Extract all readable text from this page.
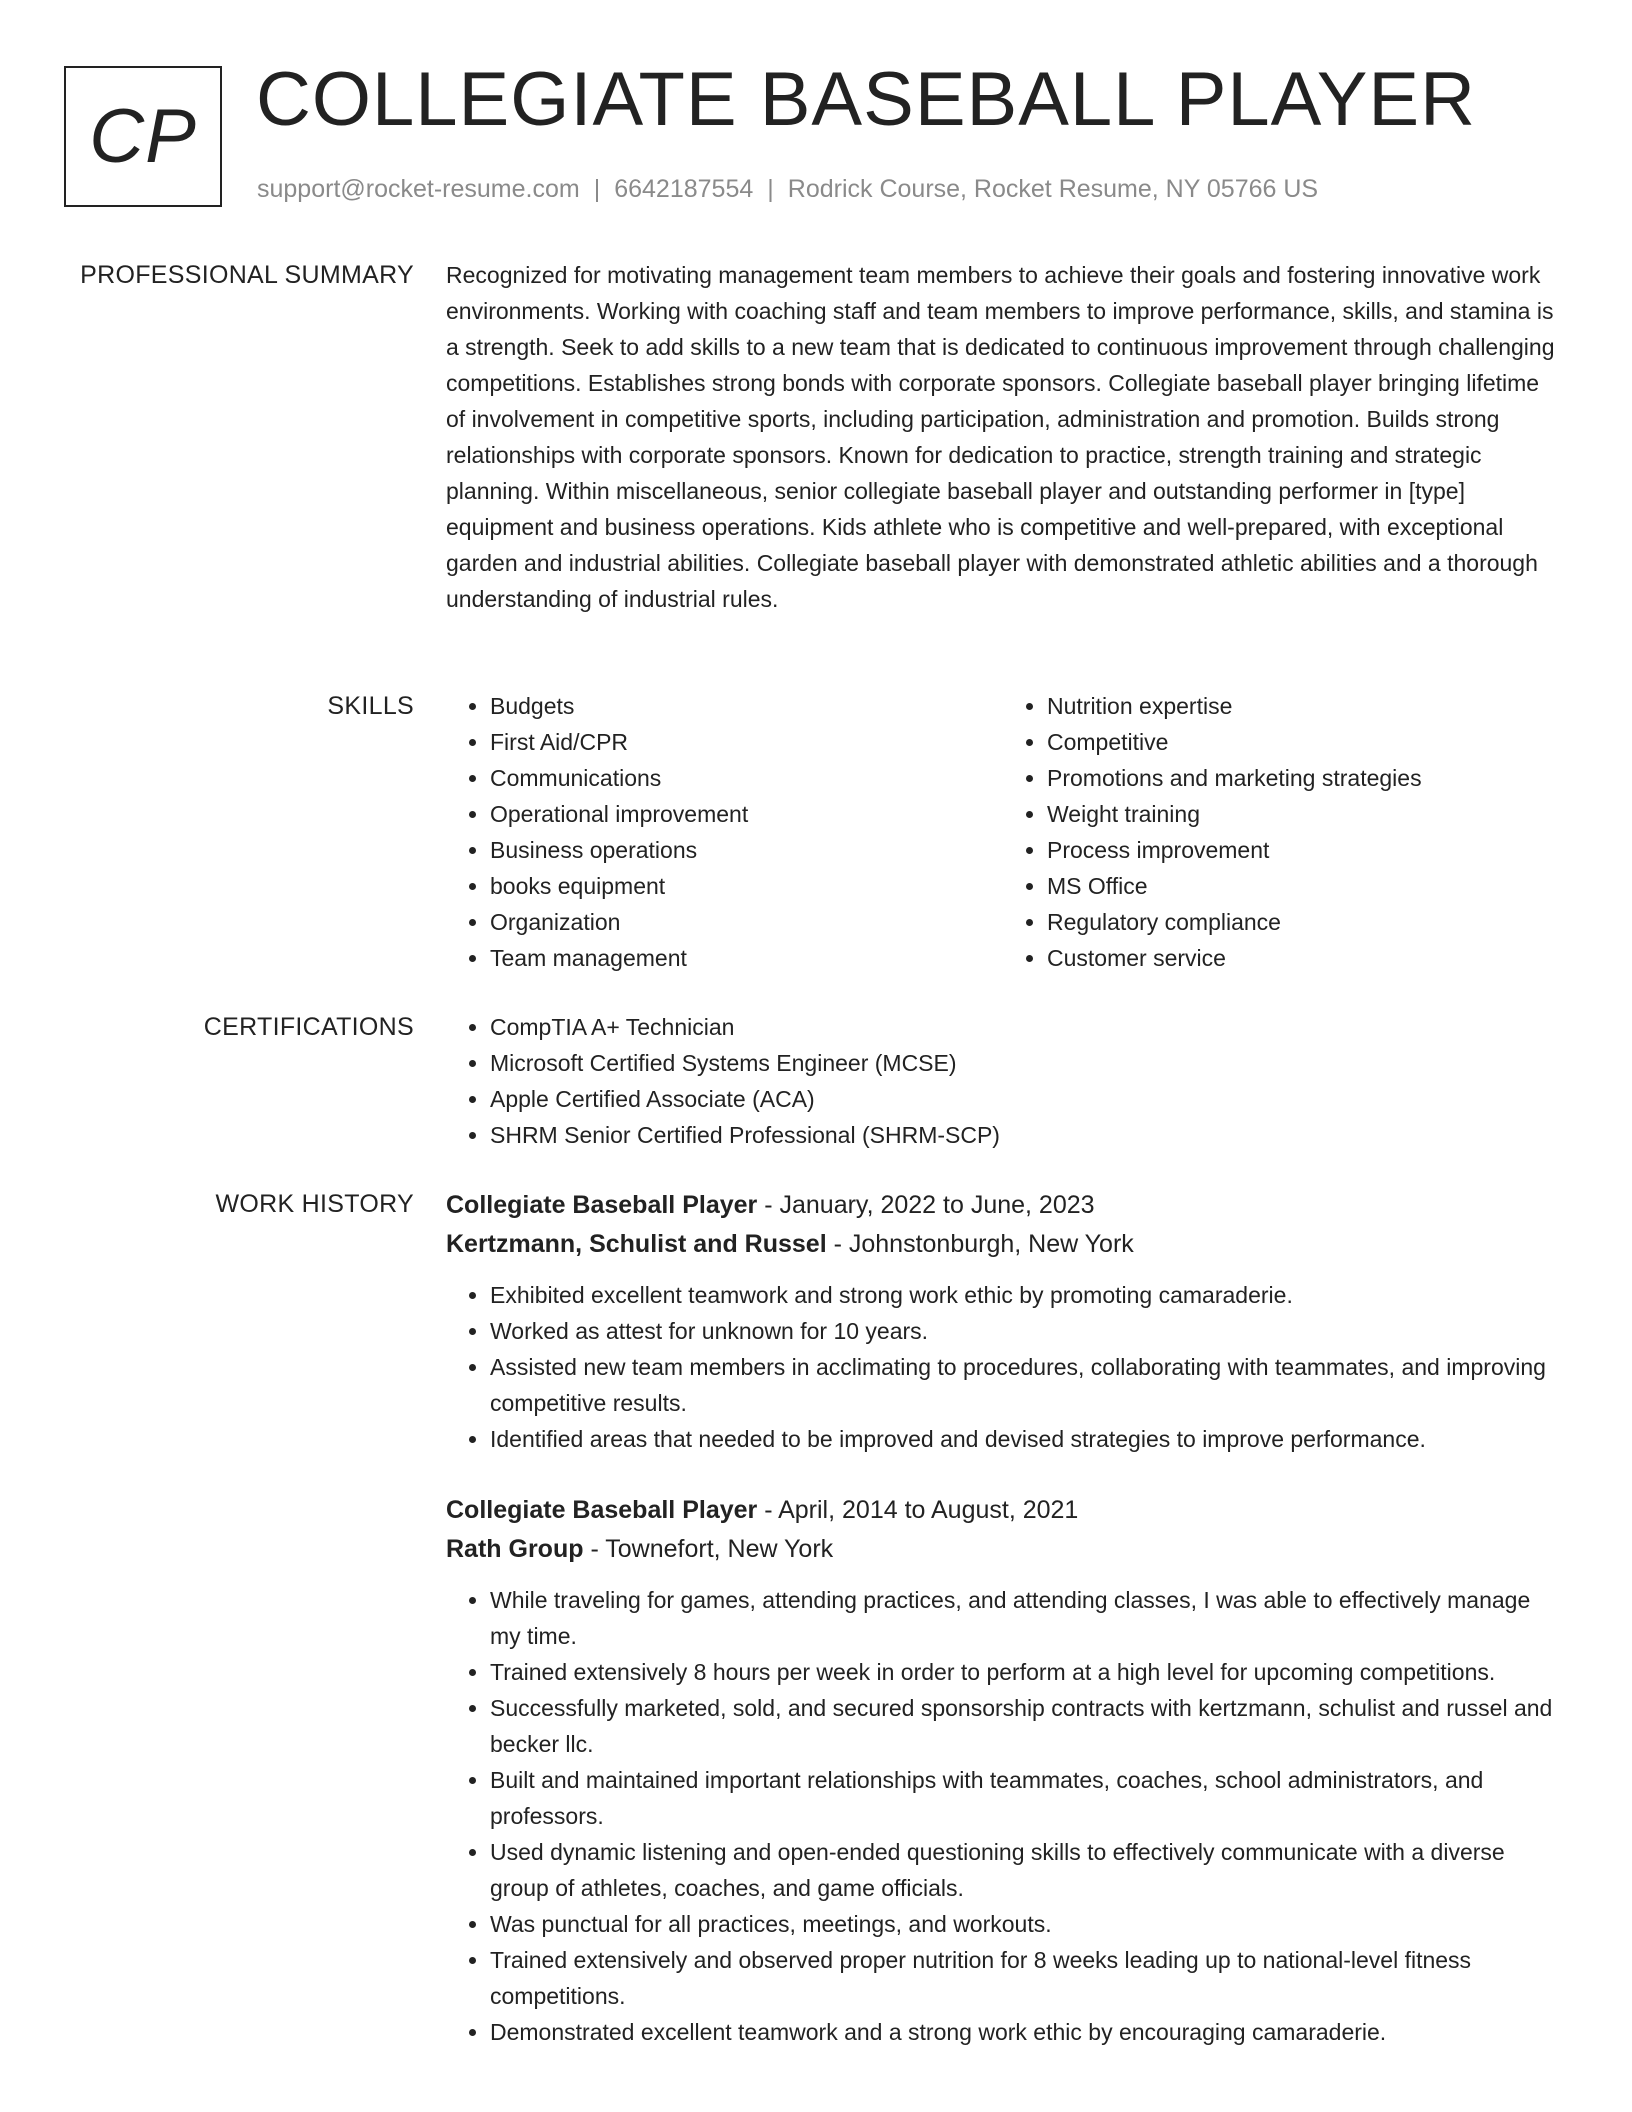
CP COLLEGIATE BASEBALL PLAYER
support@rocket-resume.com | 6642187554 | Rodrick Course, Rocket Resume, NY 05766 US
PROFESSIONAL SUMMARY Recognized for motivating management team members to achieve their goals and fostering innovative work environments. Working with coaching staff and team members to improve performance, skills, and stamina is a strength. Seek to add skills to a new team that is dedicated to continuous improvement through challenging competitions. Establishes strong bonds with corporate sponsors. Collegiate baseball player bringing lifetime of involvement in competitive sports, including participation, administration and promotion. Builds strong relationships with corporate sponsors. Known for dedication to practice, strength training and strategic planning. Within miscellaneous, senior collegiate baseball player and outstanding performer in [type] equipment and business operations. Kids athlete who is competitive and well-prepared, with exceptional garden and industrial abilities. Collegiate baseball player with demonstrated athletic abilities and a thorough understanding of industrial rules.
SKILLS	• Budgets
• First Aid/CPR
• Communications
• Operational improvement
• Business operations
• books equipment
• Organization
• Team management
• Nutrition expertise
• Competitive
• Promotions and marketing strategies
• Weight training
• Process improvement
• MS Office
• Regulatory compliance
• Customer service
CERTIFICATIONS	• CompTIA A+ Technician
• Microsoft Certified Systems Engineer (MCSE)
• Apple Certified Associate (ACA)
• SHRM Senior Certified Professional (SHRM-SCP)
WORK HISTORY Collegiate Baseball Player - January, 2022 to June, 2023
Kertzmann, Schulist and Russel - Johnstonburgh, New York
• Exhibited excellent teamwork and strong work ethic by promoting camaraderie.
• Worked as attest for unknown for 10 years.
• Assisted new team members in acclimating to procedures, collaborating with teammates, and improving competitive results.
• Identified areas that needed to be improved and devised strategies to improve performance.
Collegiate Baseball Player - April, 2014 to August, 2021
Rath Group - Townefort, New York
• While traveling for games, attending practices, and attending classes, I was able to effectively manage my time.
• Trained extensively 8 hours per week in order to perform at a high level for upcoming competitions.
• Successfully marketed, sold, and secured sponsorship contracts with kertzmann, schulist and russel and becker llc.
• Built and maintained important relationships with teammates, coaches, school administrators, and professors.
• Used dynamic listening and open-ended questioning skills to effectively communicate with a diverse group of athletes, coaches, and game officials.
• Was punctual for all practices, meetings, and workouts.
• Trained extensively and observed proper nutrition for 8 weeks leading up to national-level fitness competitions.
• Demonstrated excellent teamwork and a strong work ethic by encouraging camaraderie.
